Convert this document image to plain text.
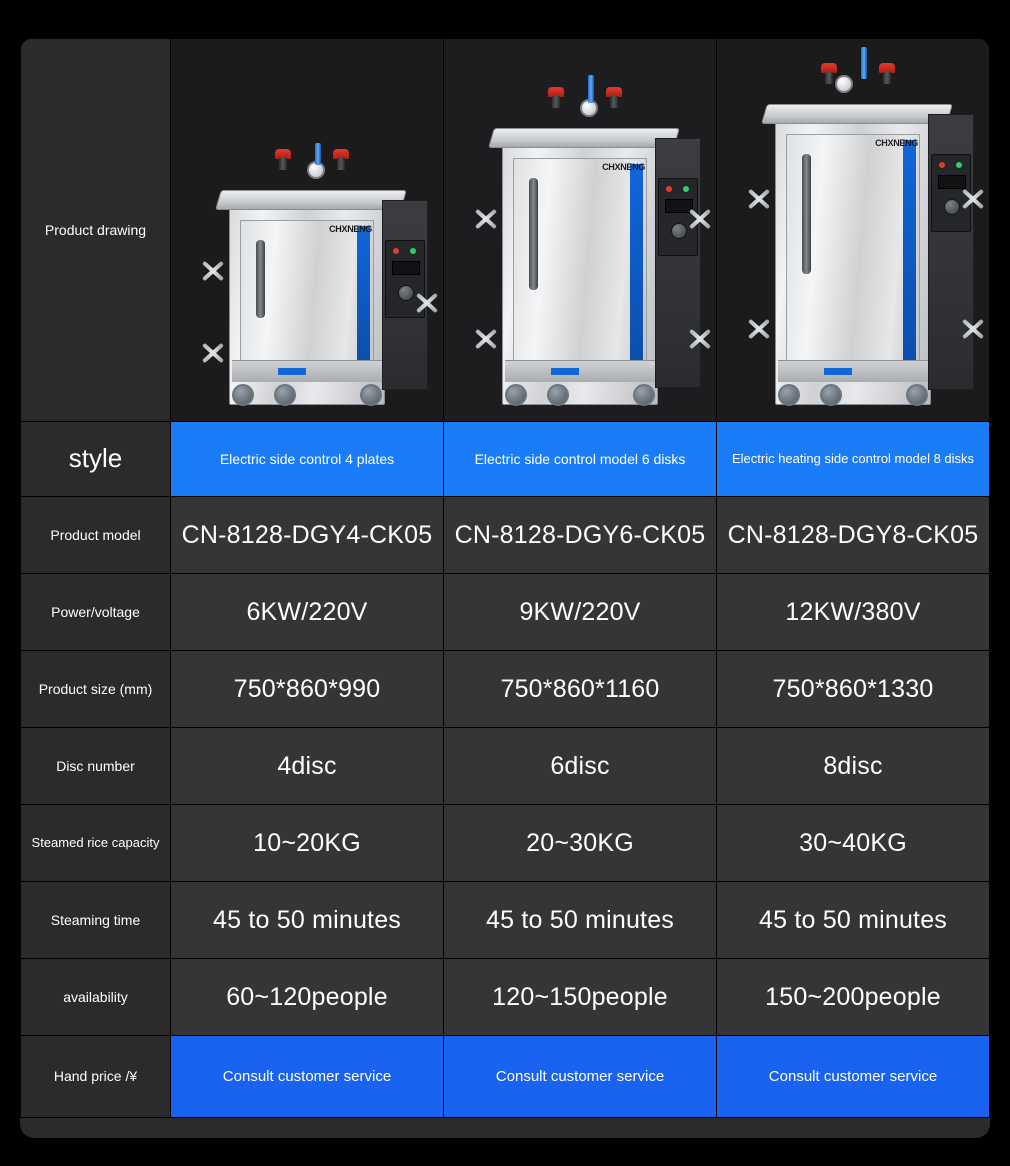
Product drawing	CHXNENG	CHXNENG	CHXNENG

style	Electric side control 4 plates	Electric side control model 6 disks	Electric heating side control model 8 disks
Product model	CN-8128-DGY4-CK05	CN-8128-DGY6-CK05	CN-8128-DGY8-CK05
Power/voltage	6KW/220V	9KW/220V	12KW/380V
Product size (mm)	750*860*990	750*860*1160	750*860*1330
Disc number	4disc	6disc	8disc
Steamed rice capacity	10~20KG	20~30KG	30~40KG
Steaming time	45 to 50 minutes	45 to 50 minutes	45 to 50 minutes
availability	60~120people	120~150people	150~200people
Hand price /¥	Consult customer service	Consult customer service	Consult customer service
